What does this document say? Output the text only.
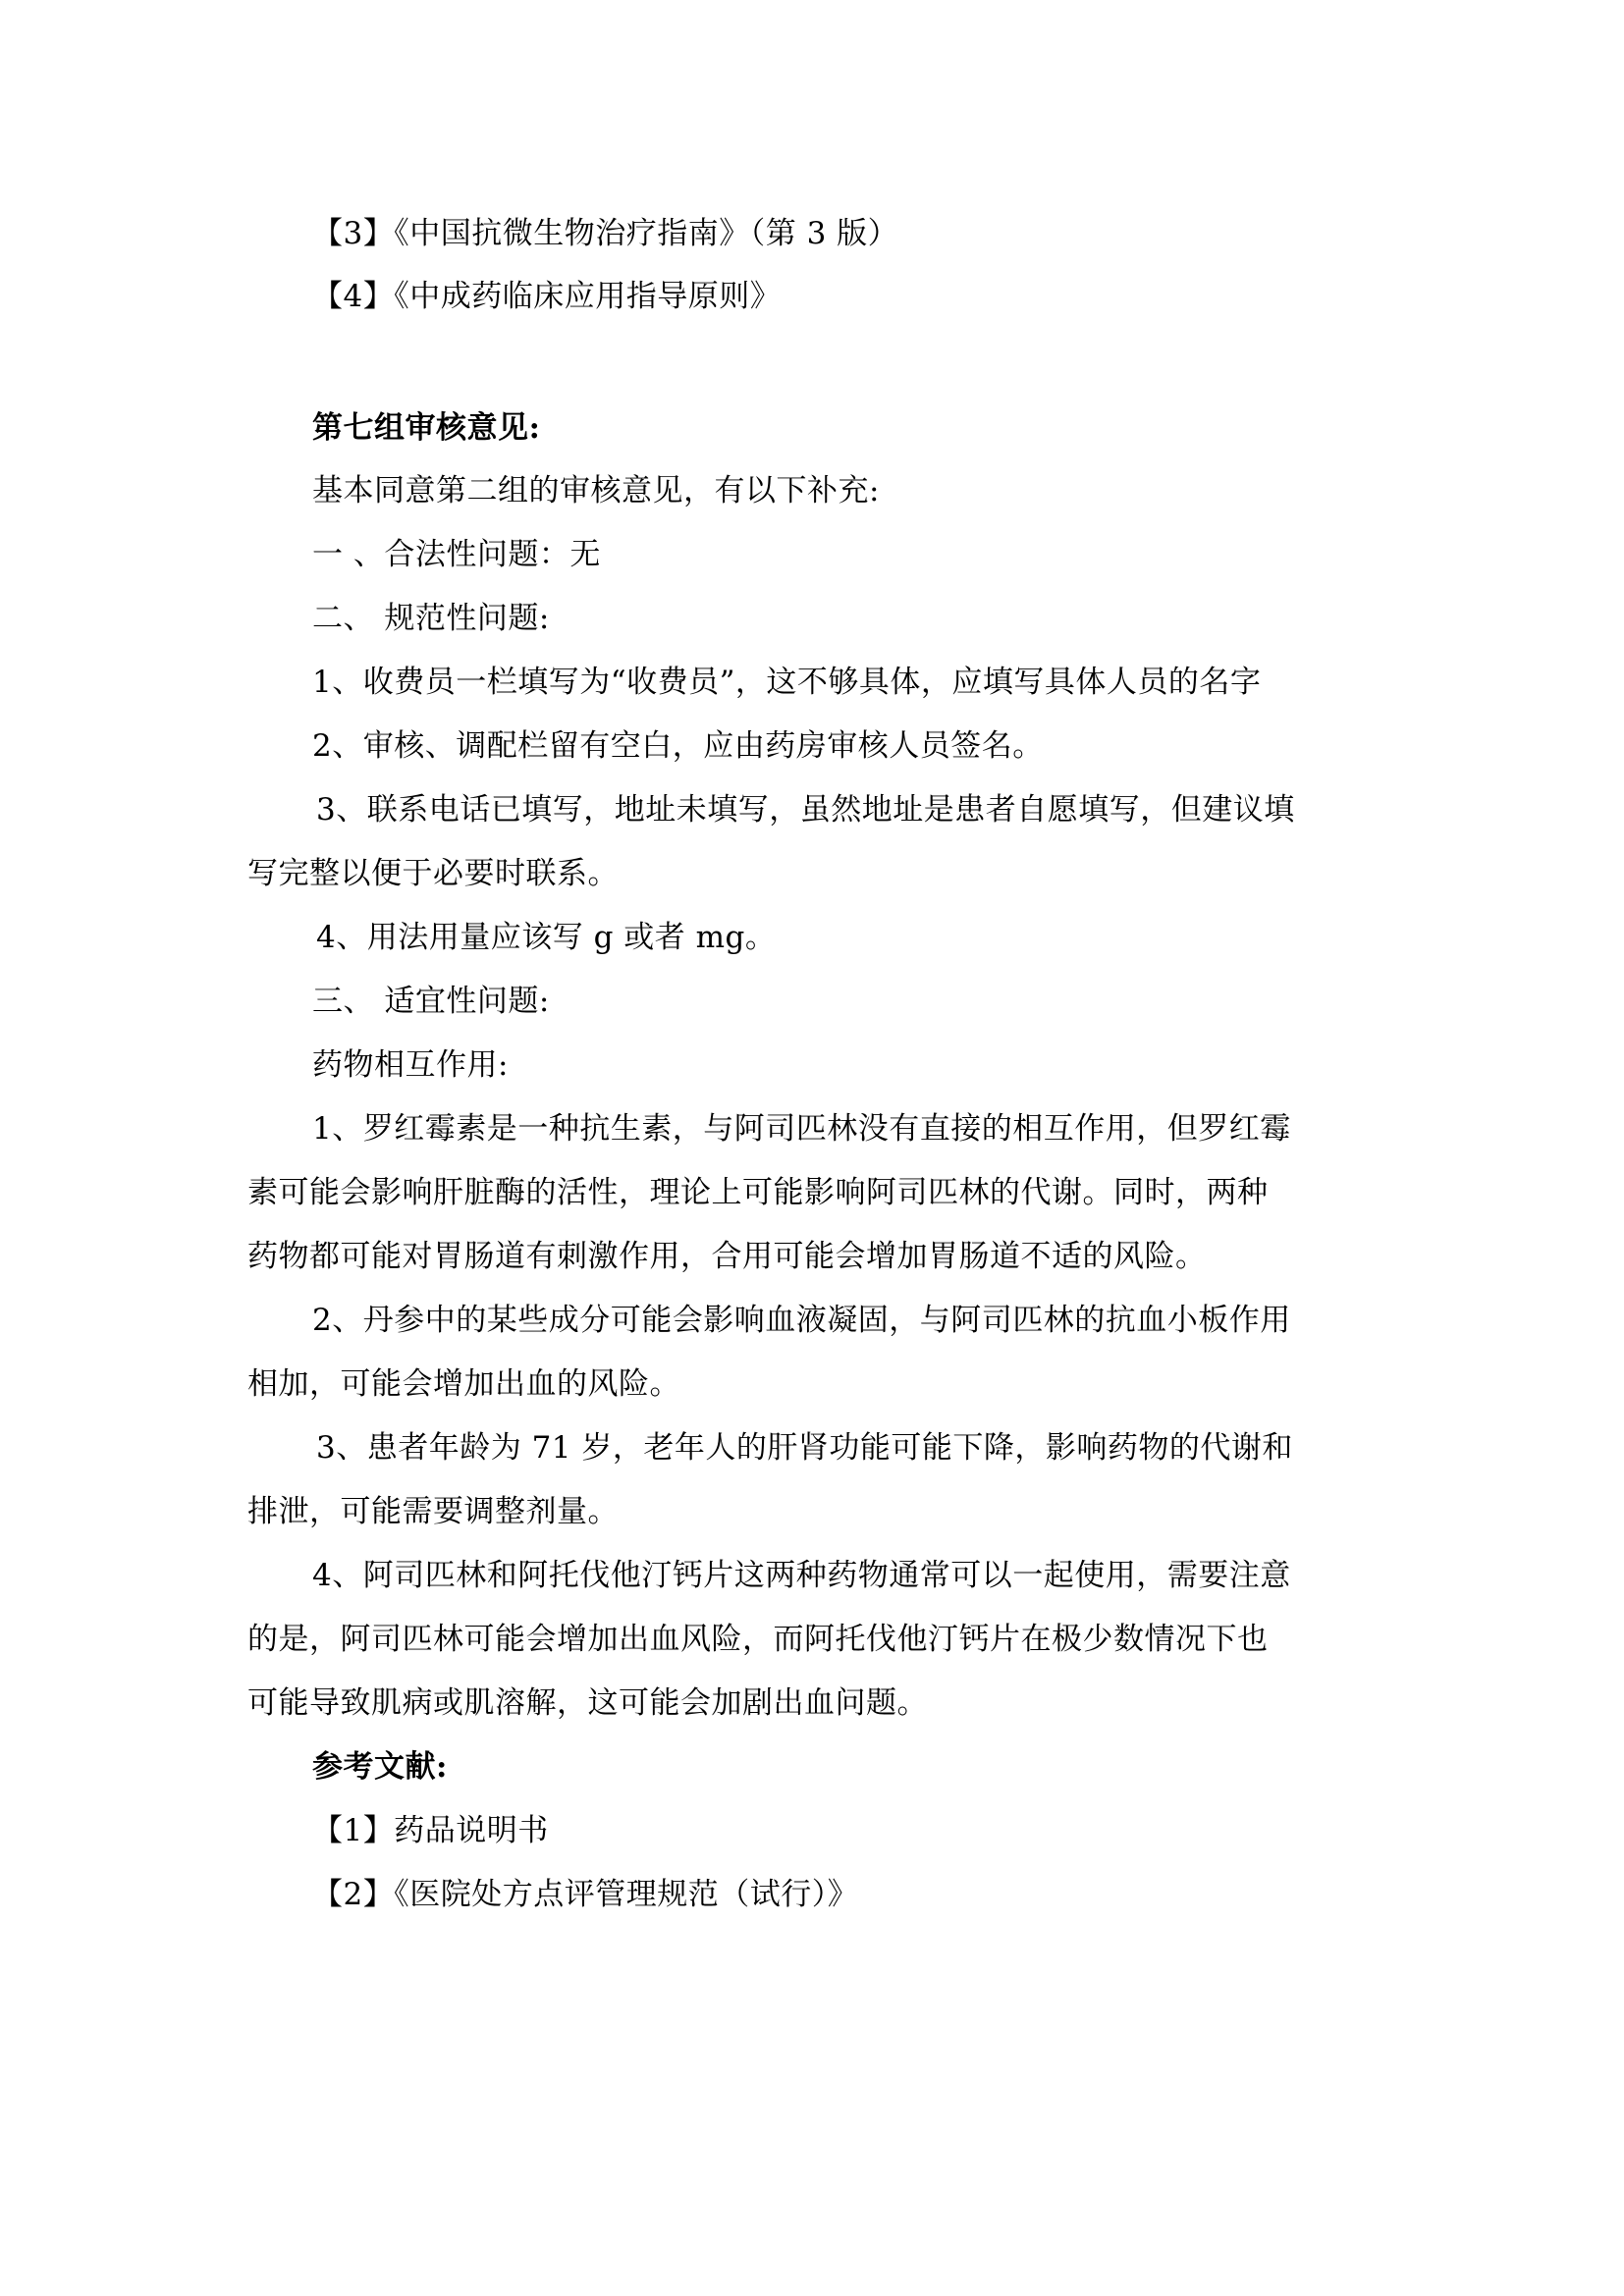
【3】《中国抗微生物治疗指南》（第 3 版）
【4】《中成药临床应用指导原则》
第七组审核意见:
基本同意第二组的审核意见，有以下补充:
一 、合法性问题：无
二、 规范性问题:
1、收费员一栏填写为“收费员”，这不够具体，应填写具体人员的名字
2、审核、调配栏留有空白，应由药房审核人员签名。
3、联系电话已填写，地址未填写，虽然地址是患者自愿填写，但建议填
写完整以便于必要时联系。
4、用法用量应该写 g 或者 mg。
三、 适宜性问题:
药物相互作用:
1、罗红霉素是一种抗生素，与阿司匹林没有直接的相互作用，但罗红霉
素可能会影响肝脏酶的活性，理论上可能影响阿司匹林的代谢。同时，两种
药物都可能对胃肠道有刺激作用，合用可能会增加胃肠道不适的风险。
2、丹参中的某些成分可能会影响血液凝固，与阿司匹林的抗血小板作用
相加，可能会增加出血的风险。
3、患者年龄为 71 岁，老年人的肝肾功能可能下降，影响药物的代谢和
排泄，可能需要调整剂量。
4、阿司匹林和阿托伐他汀钙片这两种药物通常可以一起使用，需要注意
的是，阿司匹林可能会增加出血风险，而阿托伐他汀钙片在极少数情况下也
可能导致肌病或肌溶解，这可能会加剧出血问题。
参考文献:
【1】药品说明书
【2】《医院处方点评管理规范（试行）》
